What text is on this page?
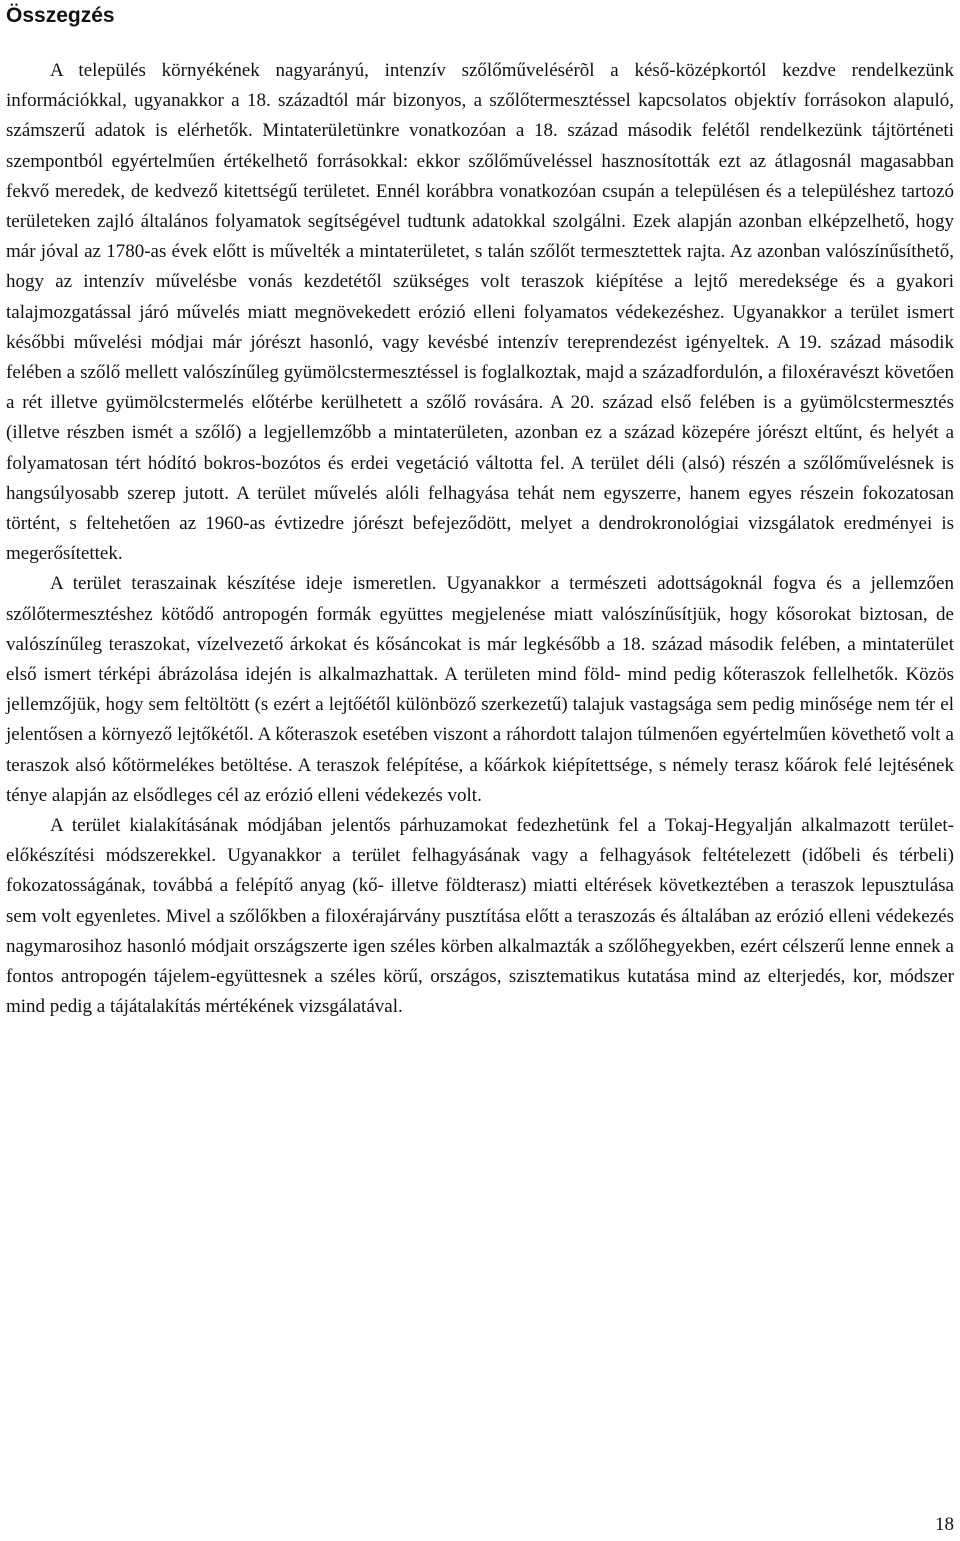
Összegzés

A település környékének nagyarányú, intenzív szőlőművelésérõl a késő-középkortól kezdve rendelkezünk információkkal, ugyanakkor a 18. századtól már bizonyos, a szőlőtermesztéssel kapcsolatos objektív forrásokon alapuló, számszerű adatok is elérhetők. Mintaterületünkre vonatkozóan a 18. század második felétől rendelkezünk tájtörténeti szempontból egyértelműen értékelhető forrásokkal: ekkor szőlőműveléssel hasznosították ezt az átlagosnál magasabban fekvő meredek, de kedvező kitettségű területet. Ennél korábbra vonatkozóan csupán a településen és a településhez tartozó területeken zajló általános folyamatok segítségével tudtunk adatokkal szolgálni. Ezek alapján azonban elképzelhető, hogy már jóval az 1780-as évek előtt is művelték a mintaterületet, s talán szőlőt termesztettek rajta. Az azonban valószínűsíthető, hogy az intenzív művelésbe vonás kezdetétől szükséges volt teraszok kiépítése a lejtő meredeksége és a gyakori talajmozgatással járó művelés miatt megnövekedett erózió elleni folyamatos védekezéshez. Ugyanakkor a terület ismert későbbi művelési módjai már jórészt hasonló, vagy kevésbé intenzív tereprendezést igényeltek. A 19. század második felében a szőlő mellett valószínűleg gyümölcstermesztéssel is foglalkoztak, majd a századfordulón, a filoxéravészt követően a rét illetve gyümölcstermelés előtérbe kerülhetett a szőlő rovására. A 20. század első felében is a gyümölcstermesztés (illetve részben ismét a szőlő) a legjellemzőbb a mintaterületen, azonban ez a század közepére jórészt eltűnt, és helyét a folyamatosan tért hódító bokros-bozótos és erdei vegetáció váltotta fel. A terület déli (alsó) részén a szőlőművelésnek is hangsúlyosabb szerep jutott. A terület művelés alóli felhagyása tehát nem egyszerre, hanem egyes részein fokozatosan történt, s feltehetően az 1960-as évtizedre jórészt befejeződött, melyet a dendrokronológiai vizsgálatok eredményei is megerősítettek.

A terület teraszainak készítése ideje ismeretlen. Ugyanakkor a természeti adottságoknál fogva és a jellemzően szőlőtermesztéshez kötődő antropogén formák együttes megjelenése miatt valószínűsítjük, hogy kősorokat biztosan, de valószínűleg teraszokat, vízelvezető árkokat és kősáncokat is már legkésőbb a 18. század második felében, a mintaterület első ismert térképi ábrázolása idején is alkalmazhattak. A területen mind föld- mind pedig kőteraszok fellelhetők. Közös jellemzőjük, hogy sem feltöltött (s ezért a lejtőétől különböző szerkezetű) talajuk vastagsága sem pedig minősége nem tér el jelentősen a környező lejtőkétől. A kőteraszok esetében viszont a ráhordott talajon túlmenően egyértelműen követhető volt a teraszok alsó kőtörmelékes betöltése. A teraszok felépítése, a kőárkok kiépítettsége, s némely terasz kőárok felé lejtésének ténye alapján az elsődleges cél az erózió elleni védekezés volt.

A terület kialakításának módjában jelentős párhuzamokat fedezhetünk fel a Tokaj-Hegyalján alkalmazott terület-előkészítési módszerekkel. Ugyanakkor a terület felhagyásának vagy a felhagyások feltételezett (időbeli és térbeli) fokozatosságának, továbbá a felépítő anyag (kő- illetve földterasz) miatti eltérések következtében a teraszok lepusztulása sem volt egyenletes. Mivel a szőlőkben a filoxérajárvány pusztítása előtt a teraszozás és általában az erózió elleni védekezés nagymarosihoz hasonló módjait országszerte igen széles körben alkalmazták a szőlőhegyekben, ezért célszerű lenne ennek a fontos antropogén tájelem-együttesnek a széles körű, országos, szisztematikus kutatása mind az elterjedés, kor, módszer mind pedig a tájátalakítás mértékének vizsgálatával.

18
